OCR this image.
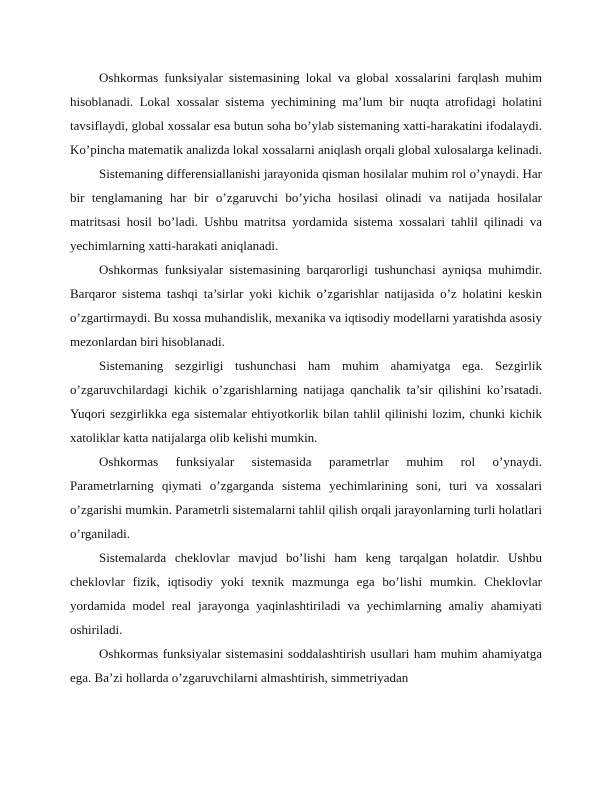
Oshkormas funksiyalar sistemasining lokal va global xossalarini farqlash muhim hisoblanadi. Lokal xossalar sistema yechimining ma’lum bir nuqta atrofidagi holatini tavsiflaydi, global xossalar esa butun soha bo’ylab sistemaning xatti-harakatini ifodalaydi. Ko’pincha matematik analizda lokal xossalarni aniqlash orqali global xulosalarga kelinadi.

Sistemaning differensiallanishi jarayonida qisman hosilalar muhim rol o’ynaydi. Har bir tenglamaning har bir o’zgaruvchi bo’yicha hosilasi olinadi va natijada hosilalar matritsasi hosil bo’ladi. Ushbu matritsa yordamida sistema xossalari tahlil qilinadi va yechimlarning xatti-harakati aniqlanadi.

Oshkormas funksiyalar sistemasining barqarorligi tushunchasi ayniqsa muhimdir. Barqaror sistema tashqi ta’sirlar yoki kichik o’zgarishlar natijasida o’z holatini keskin o’zgartirmaydi. Bu xossa muhandislik, mexanika va iqtisodiy modellarni yaratishda asosiy mezonlardan biri hisoblanadi.

Sistemaning sezgirligi tushunchasi ham muhim ahamiyatga ega. Sezgirlik o’zgaruvchilardagi kichik o’zgarishlarning natijaga qanchalik ta’sir qilishini ko’rsatadi. Yuqori sezgirlikka ega sistemalar ehtiyotkorlik bilan tahlil qilinishi lozim, chunki kichik xatoliklar katta natijalarga olib kelishi mumkin.

Oshkormas funksiyalar sistemasida parametrlar muhim rol o’ynaydi. Parametrlarning qiymati o’zgarganda sistema yechimlarining soni, turi va xossalari o’zgarishi mumkin. Parametrli sistemalarni tahlil qilish orqali jarayonlarning turli holatlari o’rganiladi.

Sistemalarda cheklovlar mavjud bo’lishi ham keng tarqalgan holatdir. Ushbu cheklovlar fizik, iqtisodiy yoki texnik mazmunga ega bo’lishi mumkin. Cheklovlar yordamida model real jarayonga yaqinlashtiriladi va yechimlarning amaliy ahamiyati oshiriladi.

Oshkormas funksiyalar sistemasini soddalashtirish usullari ham muhim ahamiyatga ega. Ba’zi hollarda o’zgaruvchilarni almashtirish, simmetriyadan
